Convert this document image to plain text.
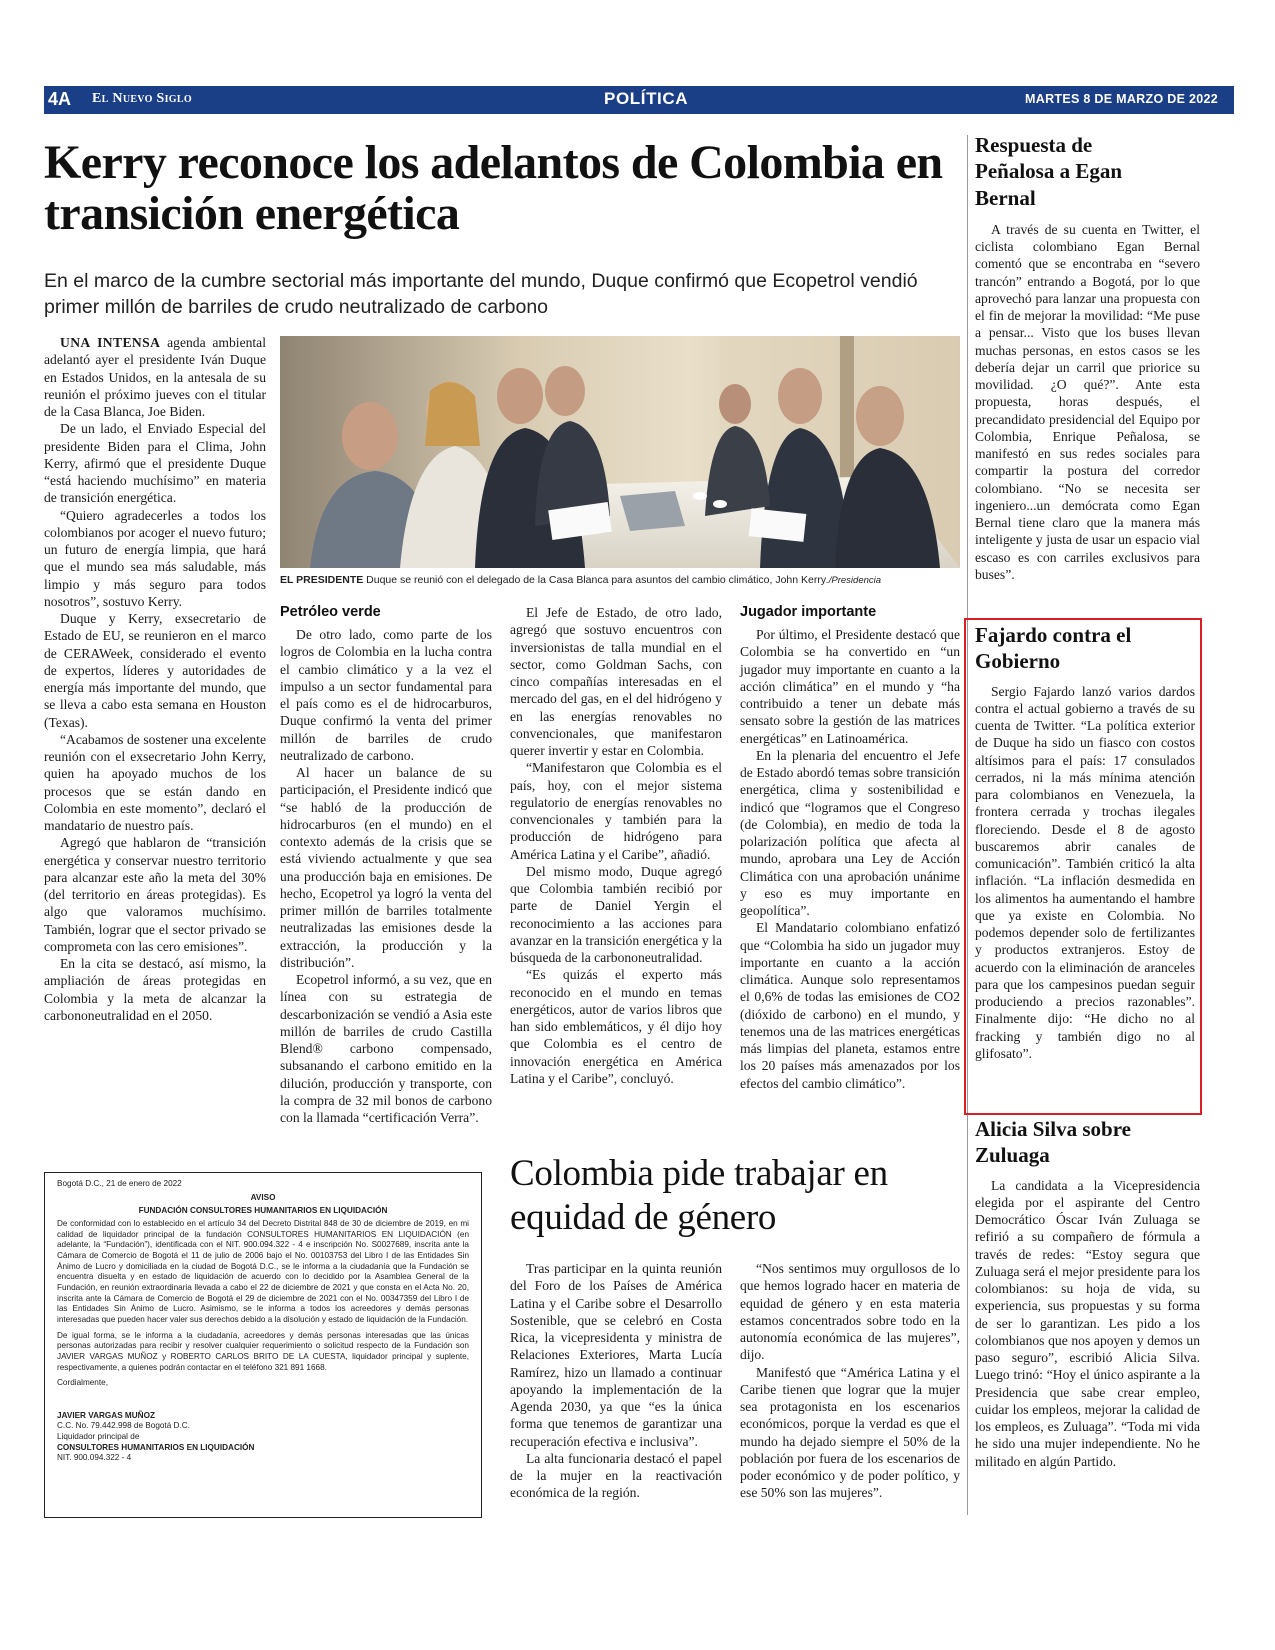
4A El Nuevo Siglo	POLÍTICA	MARTES 8 DE MARZO DE 2022
Kerry reconoce los adelantos de Colombia en transición energética
En el marco de la cumbre sectorial más importante del mundo, Duque confirmó que Ecopetrol vendió primer millón de barriles de crudo neutralizado de carbono
EL PRESIDENTE Duque se reunió con el delegado de la Casa Blanca para asuntos del cambio climático, John Kerry./Presidencia

UNA INTENSA agenda ambiental adelantó ayer el presidente Iván Duque en Estados Unidos, en la antesala de su reunión el próximo jueves con el titular de la Casa Blanca, Joe Biden.

De un lado, el Enviado Especial del presidente Biden para el Clima, John Kerry, afirmó que el presidente Duque “está haciendo muchísimo” en materia de transición energética.

“Quiero agradecerles a todos los colombianos por acoger el nuevo futuro; un futuro de energía limpia, que hará que el mundo sea más saludable, más limpio y más seguro para todos nosotros”, sostuvo Kerry.

Duque y Kerry, exsecretario de Estado de EU, se reunieron en el marco de CERAWeek, considerado el evento de expertos, líderes y autoridades de energía más importante del mundo, que se lleva a cabo esta semana en Houston (Texas).

“Acabamos de sostener una excelente reunión con el exsecretario John Kerry, quien ha apoyado muchos de los procesos que se están dando en Colombia en este momento”, declaró el mandatario de nuestro país.

Agregó que hablaron de “transición energética y conservar nuestro territorio para alcanzar este año la meta del 30% (del territorio en áreas protegidas). Es algo que valoramos muchísimo. También, lograr que el sector privado se comprometa con las cero emisiones”.

En la cita se destacó, así mismo, la ampliación de áreas protegidas en Colombia y la meta de alcanzar la carbononeutralidad en el 2050.

Petróleo verde

De otro lado, como parte de los logros de Colombia en la lucha contra el cambio climático y a la vez el impulso a un sector fundamental para el país como es el de hidrocarburos, Duque confirmó la venta del primer millón de barriles de crudo neutralizado de carbono.

Al hacer un balance de su participación, el Presidente indicó que “se habló de la producción de hidrocarburos (en el mundo) en el contexto además de la crisis que se está viviendo actualmente y que sea una producción baja en emisiones. De hecho, Ecopetrol ya logró la venta del primer millón de barriles totalmente neutralizadas las emisiones desde la extracción, la producción y la distribución”.

Ecopetrol informó, a su vez, que en línea con su estrategia de descarbonización se vendió a Asia este millón de barriles de crudo Castilla Blend® carbono compensado, subsanando el carbono emitido en la dilución, producción y transporte, con la compra de 32 mil bonos de carbono con la llamada “certificación Verra”.

El Jefe de Estado, de otro lado, agregó que sostuvo encuentros con inversionistas de talla mundial en el sector, como Goldman Sachs, con cinco compañías interesadas en el mercado del gas, en el del hidrógeno y en las energías renovables no convencionales, que manifestaron querer invertir y estar en Colombia.

“Manifestaron que Colombia es el país, hoy, con el mejor sistema regulatorio de energías renovables no convencionales y también para la producción de hidrógeno para América Latina y el Caribe”, añadió.

Del mismo modo, Duque agregó que Colombia también recibió por parte de Daniel Yergin el reconocimiento a las acciones para avanzar en la transición energética y la búsqueda de la carbononeutralidad.

“Es quizás el experto más reconocido en el mundo en temas energéticos, autor de varios libros que han sido emblemáticos, y él dijo hoy que Colombia es el centro de innovación energética en América Latina y el Caribe”, concluyó.

Jugador importante

Por último, el Presidente destacó que Colombia se ha convertido en “un jugador muy importante en cuanto a la acción climática” en el mundo y “ha contribuido a tener un debate más sensato sobre la gestión de las matrices energéticas” en Latinoamérica.

En la plenaria del encuentro el Jefe de Estado abordó temas sobre transición energética, clima y sostenibilidad e indicó que “logramos que el Congreso (de Colombia), en medio de toda la polarización política que afecta al mundo, aprobara una Ley de Acción Climática con una aprobación unánime y eso es muy importante en geopolítica”.

El Mandatario colombiano enfatizó que “Colombia ha sido un jugador muy importante en cuanto a la acción climática. Aunque solo representamos el 0,6% de todas las emisiones de CO2 (dióxido de carbono) en el mundo, y tenemos una de las matrices energéticas más limpias del planeta, estamos entre los 20 países más amenazados por los efectos del cambio climático”.

Respuesta de Peñalosa a Egan Bernal

A través de su cuenta en Twitter, el ciclista colombiano Egan Bernal comentó que se encontraba en “severo trancón” entrando a Bogotá, por lo que aprovechó para lanzar una propuesta con el fin de mejorar la movilidad: “Me puse a pensar... Visto que los buses llevan muchas personas, en estos casos se les debería dejar un carril que priorice su movilidad. ¿O qué?”. Ante esta propuesta, horas después, el precandidato presidencial del Equipo por Colombia, Enrique Peñalosa, se manifestó en sus redes sociales para compartir la postura del corredor colombiano. “No se necesita ser ingeniero...un demócrata como Egan Bernal tiene claro que la manera más inteligente y justa de usar un espacio vial escaso es con carriles exclusivos para buses”.

Fajardo contra el Gobierno

Sergio Fajardo lanzó varios dardos contra el actual gobierno a través de su cuenta de Twitter. “La política exterior de Duque ha sido un fiasco con costos altísimos para el país: 17 consulados cerrados, ni la más mínima atención para colombianos en Venezuela, la frontera cerrada y trochas ilegales floreciendo. Desde el 8 de agosto buscaremos abrir canales de comunicación”. También criticó la alta inflación. “La inflación desmedida en los alimentos ha aumentando el hambre que ya existe en Colombia. No podemos depender solo de fertilizantes y productos extranjeros. Estoy de acuerdo con la eliminación de aranceles para que los campesinos puedan seguir produciendo a precios razonables”. Finalmente dijo: “He dicho no al fracking y también digo no al glifosato”.

Alicia Silva sobre Zuluaga

La candidata a la Vicepresidencia elegida por el aspirante del Centro Democrático Óscar Iván Zuluaga se refirió a su compañero de fórmula a través de redes: “Estoy segura que Zuluaga será el mejor presidente para los colombianos: su hoja de vida, su experiencia, sus propuestas y su forma de ser lo garantizan. Les pido a los colombianos que nos apoyen y demos un paso seguro”, escribió Alicia Silva. Luego trinó: “Hoy el único aspirante a la Presidencia que sabe crear empleo, cuidar los empleos, mejorar la calidad de los empleos, es Zuluaga”. “Toda mi vida he sido una mujer independiente. No he militado en algún Partido.

Bogotá D.C., 21 de enero de 2022
AVISO
FUNDACIÓN CONSULTORES HUMANITARIOS EN LIQUIDACIÓN

De conformidad con lo establecido en el artículo 34 del Decreto Distrital 848 de 30 de diciembre de 2019, en mi calidad de liquidador principal de la fundación CONSULTORES HUMANITARIOS EN LIQUIDACIÓN (en adelante, la “Fundación”), identificada con el NIT. 900.094.322 - 4 e inscripción No. S0027689, inscrita ante la Cámara de Comercio de Bogotá el 11 de julio de 2006 bajo el No. 00103753 del Libro I de las Entidades Sin Ánimo de Lucro y domiciliada en la ciudad de Bogotá D.C., se le informa a la ciudadanía que la Fundación se encuentra disuelta y en estado de liquidación de acuerdo con lo decidido por la Asamblea General de la Fundación, en reunión extraordinaria llevada a cabo el 22 de diciembre de 2021 y que consta en el Acta No. 20, inscrita ante la Cámara de Comercio de Bogotá el 29 de diciembre de 2021 con el No. 00347359 del Libro I de las Entidades Sin Ánimo de Lucro. Asimismo, se le informa a todos los acreedores y demás personas interesadas que pueden hacer valer sus derechos debido a la disolución y estado de liquidación de la Fundación.

De igual forma, se le informa a la ciudadanía, acreedores y demás personas interesadas que las únicas personas autorizadas para recibir y resolver cualquier requerimiento o solicitud respecto de la Fundación son JAVIER VARGAS MUÑOZ y ROBERTO CARLOS BRITO DE LA CUESTA, liquidador principal y suplente, respectivamente, a quienes podrán contactar en el teléfono 321 891 1668.

Cordialmente,

JAVIER VARGAS MUÑOZ
C.C. No. 79.442.998 de Bogotá D.C.
Liquidador principal de
CONSULTORES HUMANITARIOS EN LIQUIDACIÓN
NIT. 900.094.322 - 4
Colombia pide trabajar en equidad de género

Tras participar en la quinta reunión del Foro de los Países de América Latina y el Caribe sobre el Desarrollo Sostenible, que se celebró en Costa Rica, la vicepresidenta y ministra de Relaciones Exteriores, Marta Lucía Ramírez, hizo un llamado a continuar apoyando la implementación de la Agenda 2030, ya que “es la única forma que tenemos de garantizar una recuperación efectiva e inclusiva”.

La alta funcionaria destacó el papel de la mujer en la reactivación económica de la región.

“Nos sentimos muy orgullosos de lo que hemos logrado hacer en materia de equidad de género y en esta materia estamos concentrados sobre todo en la autonomía económica de las mujeres”, dijo.

Manifestó que “América Latina y el Caribe tienen que lograr que la mujer sea protagonista en los escenarios económicos, porque la verdad es que el mundo ha dejado siempre el 50% de la población por fuera de los escenarios de poder económico y de poder político, y ese 50% son las mujeres”.
